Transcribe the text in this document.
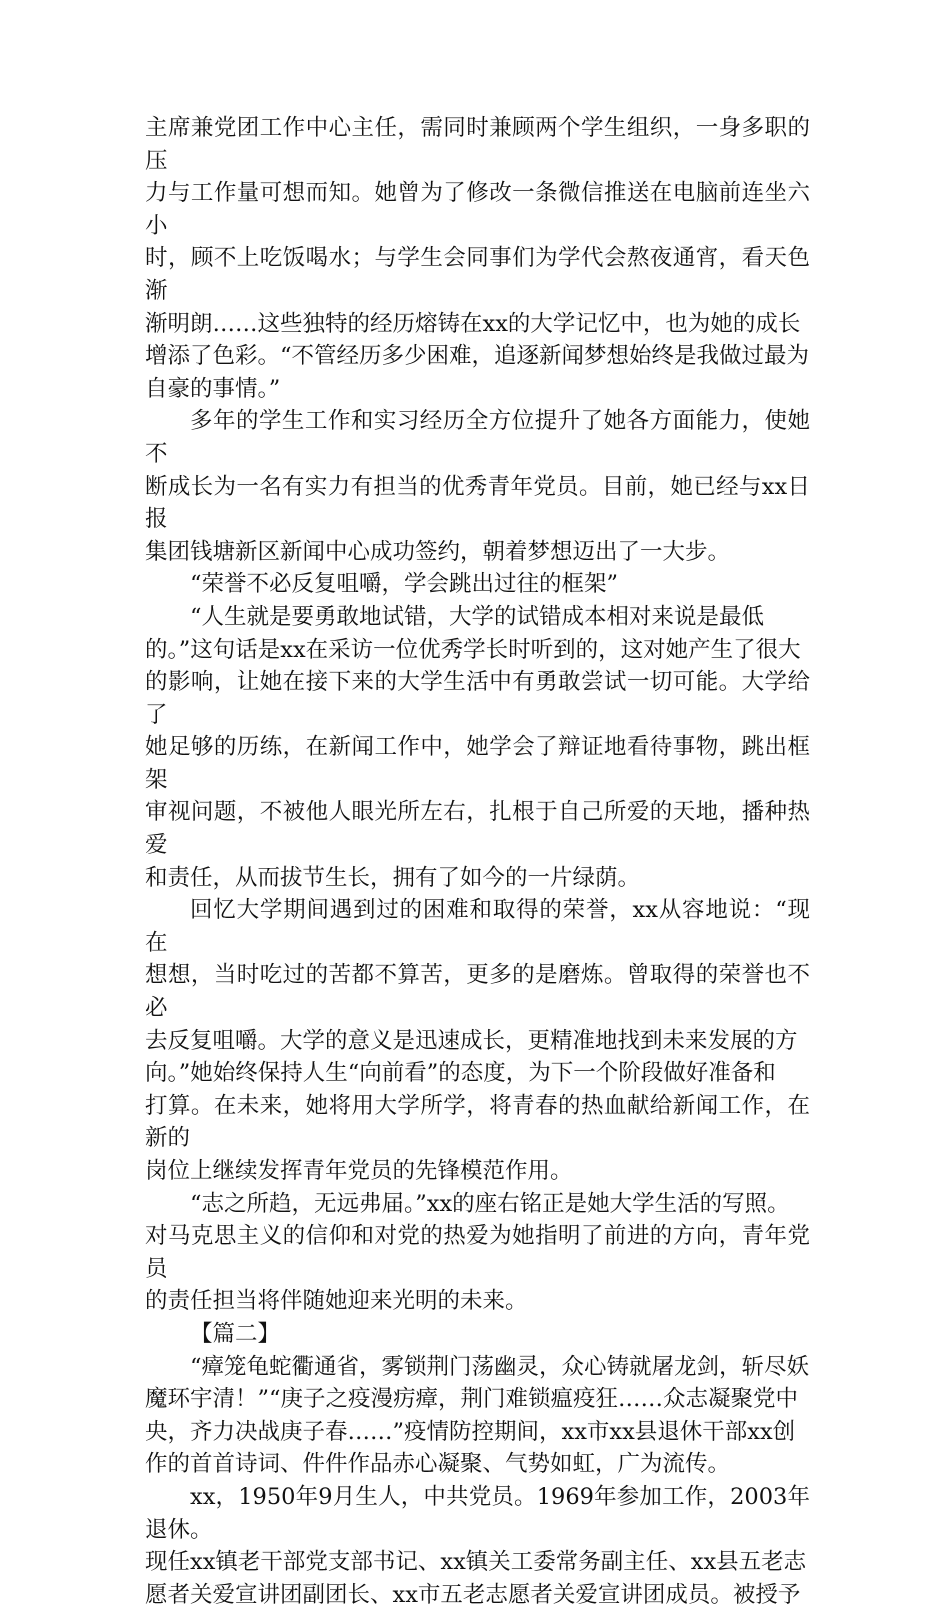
主席兼党团工作中心主任，需同时兼顾两个学生组织，一身多职的压
力与工作量可想而知。她曾为了修改一条微信推送在电脑前连坐六小
时，顾不上吃饭喝水；与学生会同事们为学代会熬夜通宵，看天色渐
渐明朗……这些独特的经历熔铸在xx的大学记忆中，也为她的成长
增添了色彩。“不管经历多少困难，追逐新闻梦想始终是我做过最为
自豪的事情。”
多年的学生工作和实习经历全方位提升了她各方面能力，使她不
断成长为一名有实力有担当的优秀青年党员。目前，她已经与xx日报
集团钱塘新区新闻中心成功签约，朝着梦想迈出了一大步。
“荣誉不必反复咀嚼，学会跳出过往的框架”
“人生就是要勇敢地试错，大学的试错成本相对来说是最低
的。”这句话是xx在采访一位优秀学长时听到的，这对她产生了很大
的影响，让她在接下来的大学生活中有勇敢尝试一切可能。大学给了
她足够的历练，在新闻工作中，她学会了辩证地看待事物，跳出框架
审视问题，不被他人眼光所左右，扎根于自己所爱的天地，播种热爱
和责任，从而拔节生长，拥有了如今的一片绿荫。
回忆大学期间遇到过的困难和取得的荣誉，xx从容地说：“现在
想想，当时吃过的苦都不算苦，更多的是磨炼。曾取得的荣誉也不必
去反复咀嚼。大学的意义是迅速成长，更精准地找到未来发展的方
向。”她始终保持人生“向前看”的态度，为下一个阶段做好准备和
打算。在未来，她将用大学所学，将青春的热血献给新闻工作，在新的
岗位上继续发挥青年党员的先锋模范作用。
“志之所趋，无远弗届。”xx的座右铭正是她大学生活的写照。
对马克思主义的信仰和对党的热爱为她指明了前进的方向，青年党员
的责任担当将伴随她迎来光明的未来。
【篇二】
“瘴笼龟蛇衢通省，雾锁荆门荡幽灵，众心铸就屠龙剑，斩尽妖
魔环宇清！”“庚子之疫漫疠瘴，荆门难锁瘟疫狂……众志凝聚党中
央，齐力决战庚子春……”疫情防控期间，xx市xx县退休干部xx创
作的首首诗词、件件作品赤心凝聚、气势如虹，广为流传。
xx，1950年9月生人，中共党员。1969年参加工作，2003年退休。
现任xx镇老干部党支部书记、xx镇关工委常务副主任、xx县五老志
愿者关爱宣讲团副团长、xx市五老志愿者关爱宣讲团成员。被授予
